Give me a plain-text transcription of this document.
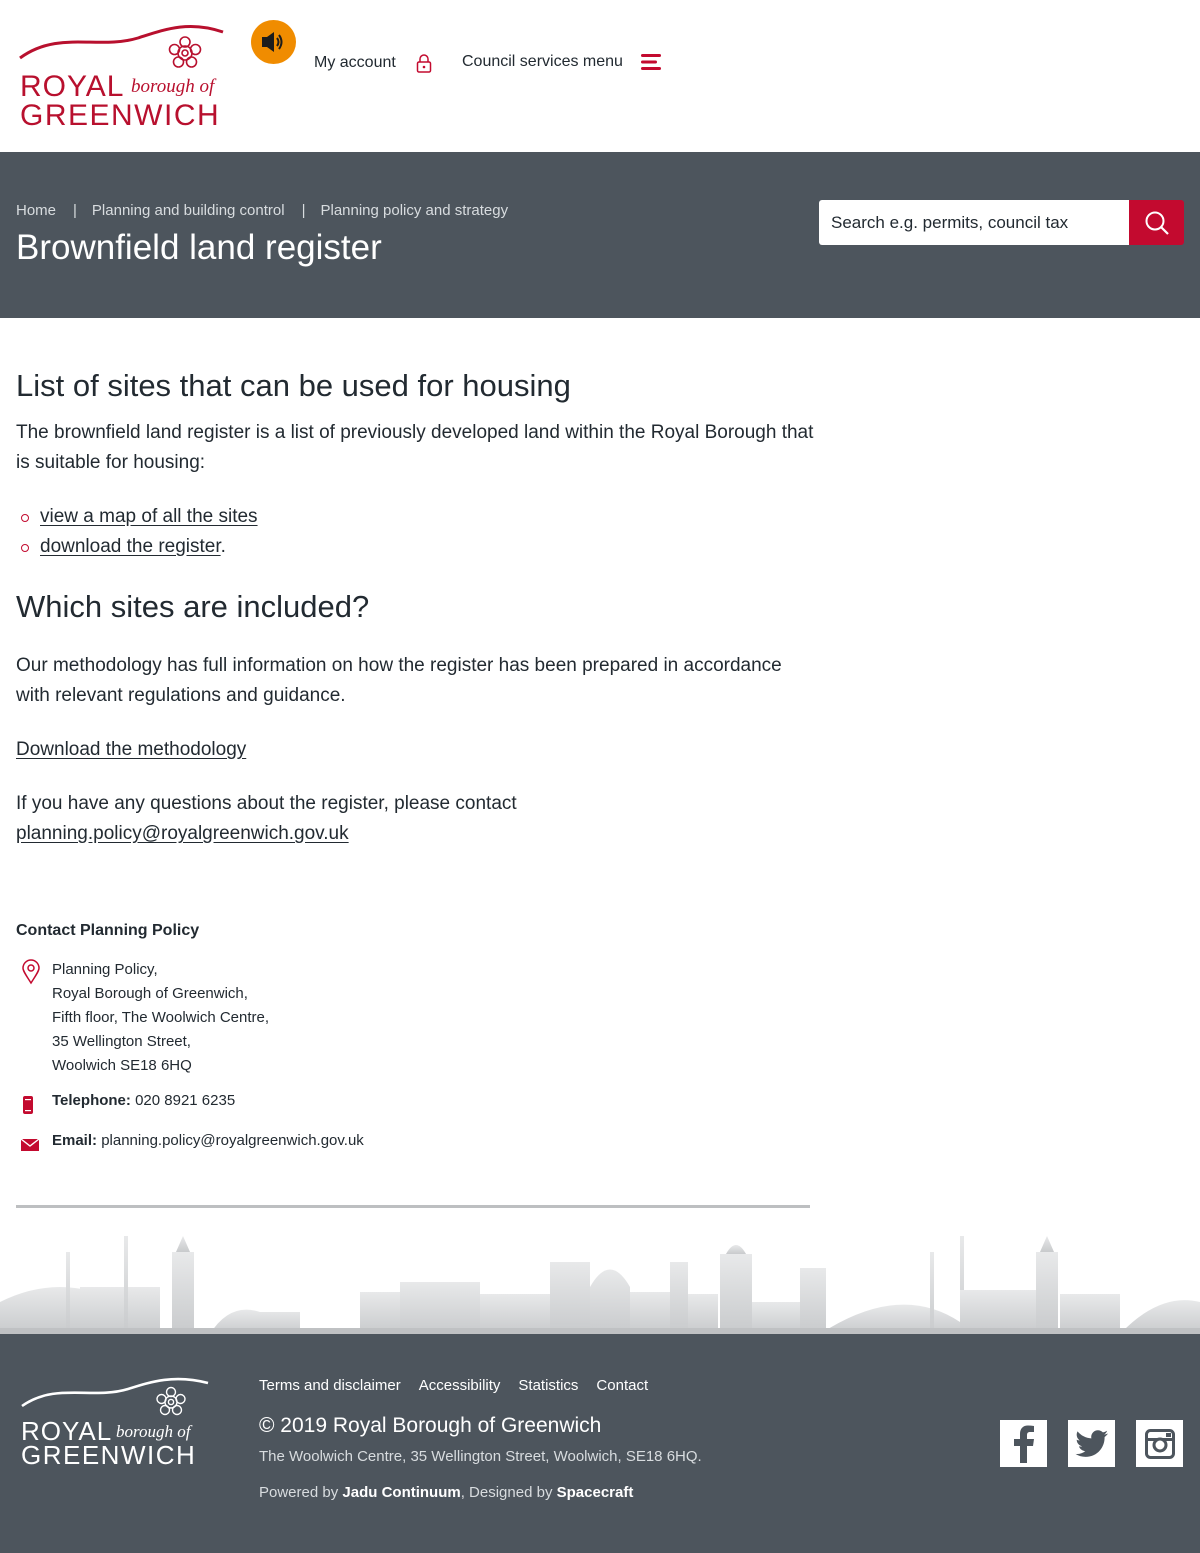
ROYAL borough of
GREENWICH
My account	Council services menu
Home | Planning and building control | Planning policy and strategy
Brownfield land register
Search e.g. permits, council tax
List of sites that can be used for housing

The brownfield land register is a list of previously developed land within the Royal Borough that is suitable for housing:

view a map of all the sites
download the register.
Which sites are included?

Our methodology has full information on how the register has been prepared in accordance with relevant regulations and guidance.

Download the methodology

If you have any questions about the register, please contact
planning.policy@royalgreenwich.gov.uk

Contact Planning Policy
Planning Policy,
Royal Borough of Greenwich,
Fifth floor, The Woolwich Centre,
35 Wellington Street,
Woolwich SE18 6HQ
Telephone: 020 8921 6235
Email: planning.policy@royalgreenwich.gov.uk
ROYAL borough of
GREENWICH
Terms and disclaimer Accessibility Statistics Contact
© 2019 Royal Borough of Greenwich
The Woolwich Centre, 35 Wellington Street, Woolwich, SE18 6HQ.
Powered by Jadu Continuum, Designed by Spacecraft
